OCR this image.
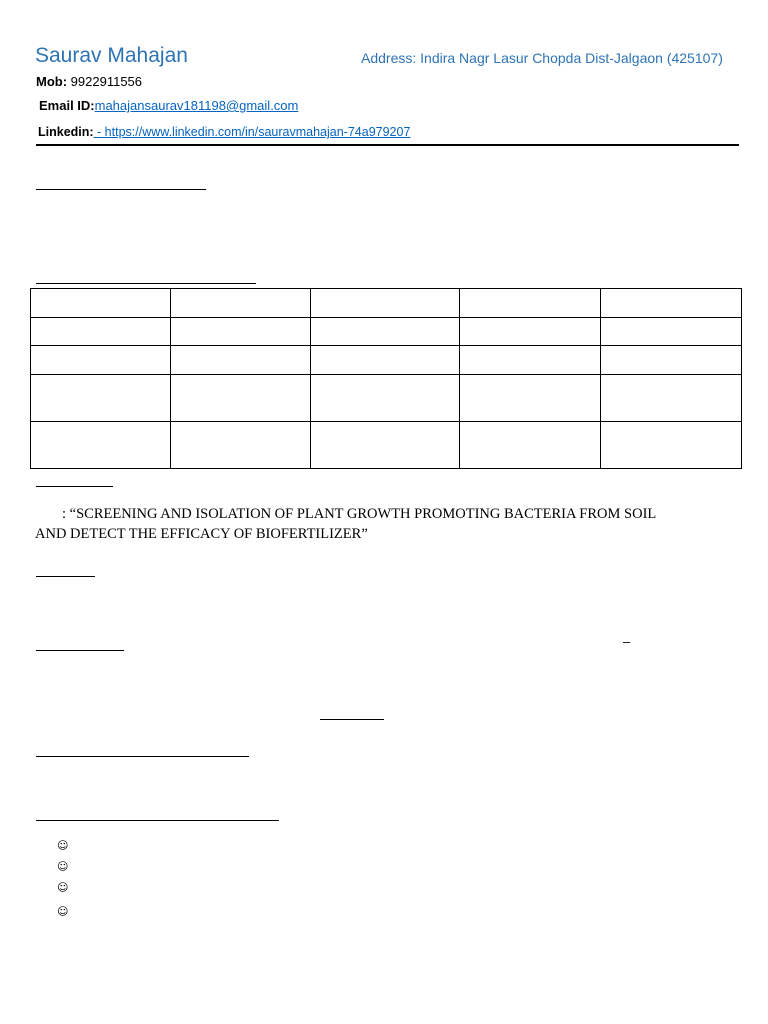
Saurav Mahajan	Address: Indira Nagr Lasur Chopda Dist-Jalgaon (425107)
Mob: 9922911556
Email ID:mahajansaurav181198@gmail.com
Linkedin: - https://www.linkedin.com/in/sauravmahajan-74a979207

: “SCREENING AND ISOLATION OF PLANT GROWTH PROMOTING BACTERIA FROM SOIL
AND DETECT THE EFFICACY OF BIOFERTILIZER”
–
☺
☺
☺
☺
